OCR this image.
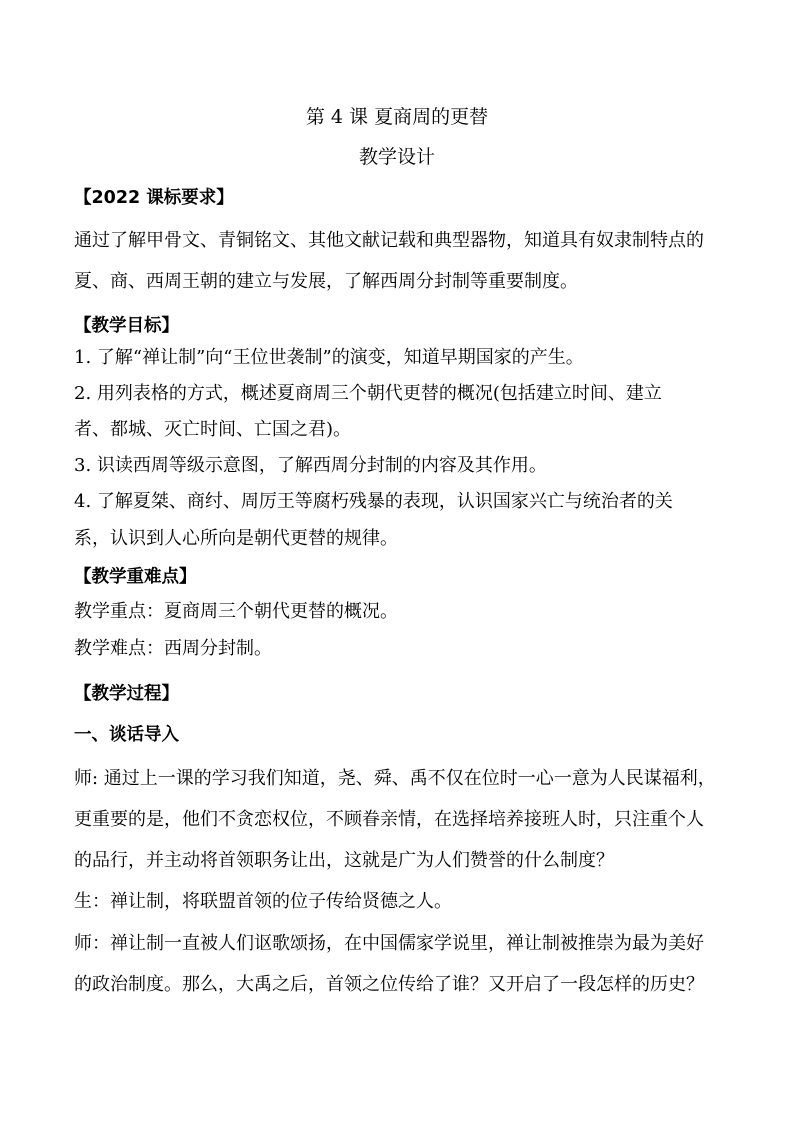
第 4 课 夏商周的更替
教学设计
【2022 课标要求】
通过了解甲骨文、青铜铭文、其他文献记载和典型器物，知道具有奴隶制特点的
夏、商、西周王朝的建立与发展，了解西周分封制等重要制度。
【教学目标】
1. 了解“禅让制”向“王位世袭制”的演变，知道早期国家的产生。
2. 用列表格的方式，概述夏商周三个朝代更替的概况(包括建立时间、建立
者、都城、灭亡时间、亡国之君)。
3. 识读西周等级示意图，了解西周分封制的内容及其作用。
4. 了解夏桀、商纣、周厉王等腐朽残暴的表现，认识国家兴亡与统治者的关
系，认识到人心所向是朝代更替的规律。
【教学重难点】
教学重点：夏商周三个朝代更替的概况。
教学难点：西周分封制。
【教学过程】
一、谈话导入
师: 通过上一课的学习我们知道，尧、舜、禹不仅在位时一心一意为人民谋福利，
更重要的是，他们不贪恋权位，不顾眷亲情，在选择培养接班人时，只注重个人
的品行，并主动将首领职务让出，这就是广为人们赞誉的什么制度？
生：禅让制，将联盟首领的位子传给贤德之人。
师：禅让制一直被人们讴歌颂扬，在中国儒家学说里，禅让制被推崇为最为美好
的政治制度。那么，大禹之后，首领之位传给了谁？又开启了一段怎样的历史？
